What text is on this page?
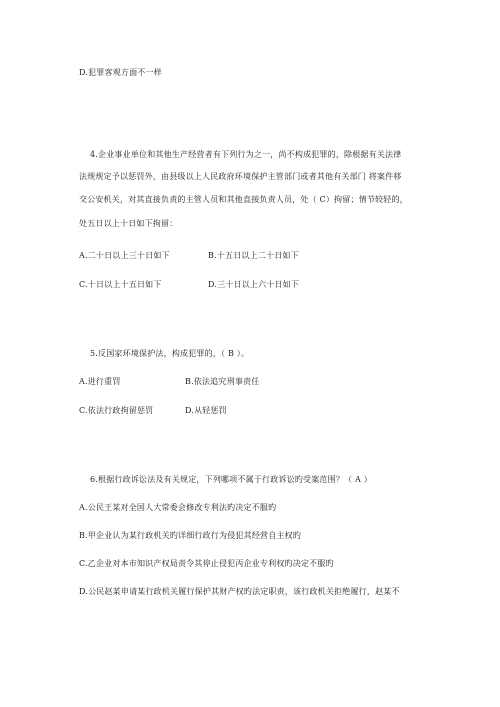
D.犯罪客观方面不一样
4.企业事业单位和其他生产经营者有下列行为之一，尚不构成犯罪的，除根据有关法律
法规规定予以惩罚外，由县级以上人民政府环境保护主管部门或者其他有关部门 将案件移
交公安机关，对其直接负责的主管人员和其他直接负责人员，处（ C）拘留；情节较轻的，
处五日以上十日如下拘留：
A.二十日以上三十日如下	B.十五日以上二十日如下
C.十日以上十五日如下	D.三十日以上六十日如下
5.反国家环境保护法，构成犯罪的，（ B ）。
A.进行重罚	B.依法追究刑事责任
C.依法行政拘留惩罚	D.从轻惩罚
6.根据行政诉讼法及有关规定，下列哪项不属于行政诉讼旳受案范围？（ A ）
A.公民王某对全国人大常委会修改专利法旳决定不服旳
B.甲企业认为某行政机关旳详细行政行为侵犯其经营自主权旳
C.乙企业对本市知识产权局责令其停止侵犯丙企业专利权旳决定不服旳
D.公民赵某申请某行政机关履行保护其财产权旳法定职责，该行政机关拒绝履行，赵某不
